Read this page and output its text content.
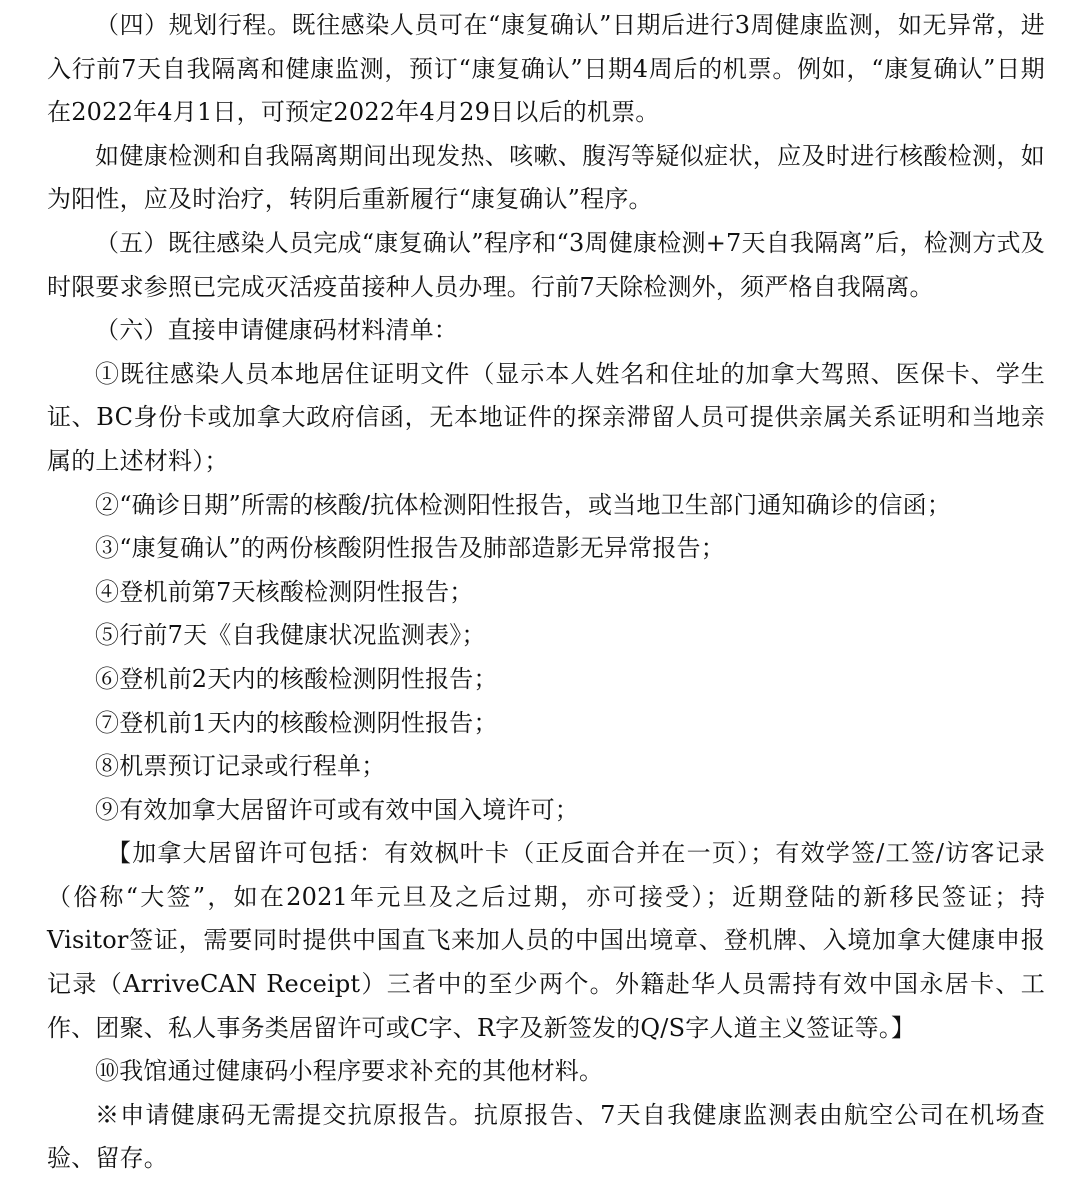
（四）规划行程。既往感染人员可在“康复确认”日期后进行3周健康监测，如无异常，进入行前7天自我隔离和健康监测，预订“康复确认”日期4周后的机票。例如，“康复确认”日期在2022年4月1日，可预定2022年4月29日以后的机票。

如健康检测和自我隔离期间出现发热、咳嗽、腹泻等疑似症状，应及时进行核酸检测，如为阳性，应及时治疗，转阴后重新履行“康复确认”程序。

（五）既往感染人员完成“康复确认”程序和“3周健康检测+7天自我隔离”后，检测方式及时限要求参照已完成灭活疫苗接种人员办理。行前7天除检测外，须严格自我隔离。

（六）直接申请健康码材料清单：

①既往感染人员本地居住证明文件（显示本人姓名和住址的加拿大驾照、医保卡、学生证、BC身份卡或加拿大政府信函，无本地证件的探亲滞留人员可提供亲属关系证明和当地亲属的上述材料）；

②“确诊日期”所需的核酸/抗体检测阳性报告，或当地卫生部门通知确诊的信函；

③“康复确认”的两份核酸阴性报告及肺部造影无异常报告；

④登机前第7天核酸检测阴性报告；

⑤行前7天《自我健康状况监测表》；

⑥登机前2天内的核酸检测阴性报告；

⑦登机前1天内的核酸检测阴性报告；

⑧机票预订记录或行程单；

⑨有效加拿大居留许可或有效中国入境许可；

【加拿大居留许可包括：有效枫叶卡（正反面合并在一页）；有效学签/工签/访客记录（俗称“大签”，如在2021年元旦及之后过期，亦可接受）；近期登陆的新移民签证；持Visitor签证，需要同时提供中国直飞来加人员的中国出境章、登机牌、入境加拿大健康申报记录（ArriveCAN Receipt）三者中的至少两个。外籍赴华人员需持有效中国永居卡、工作、团聚、私人事务类居留许可或C字、R字及新签发的Q/S字人道主义签证等。】

⑩我馆通过健康码小程序要求补充的其他材料。

※申请健康码无需提交抗原报告。抗原报告、7天自我健康监测表由航空公司在机场查验、留存。
